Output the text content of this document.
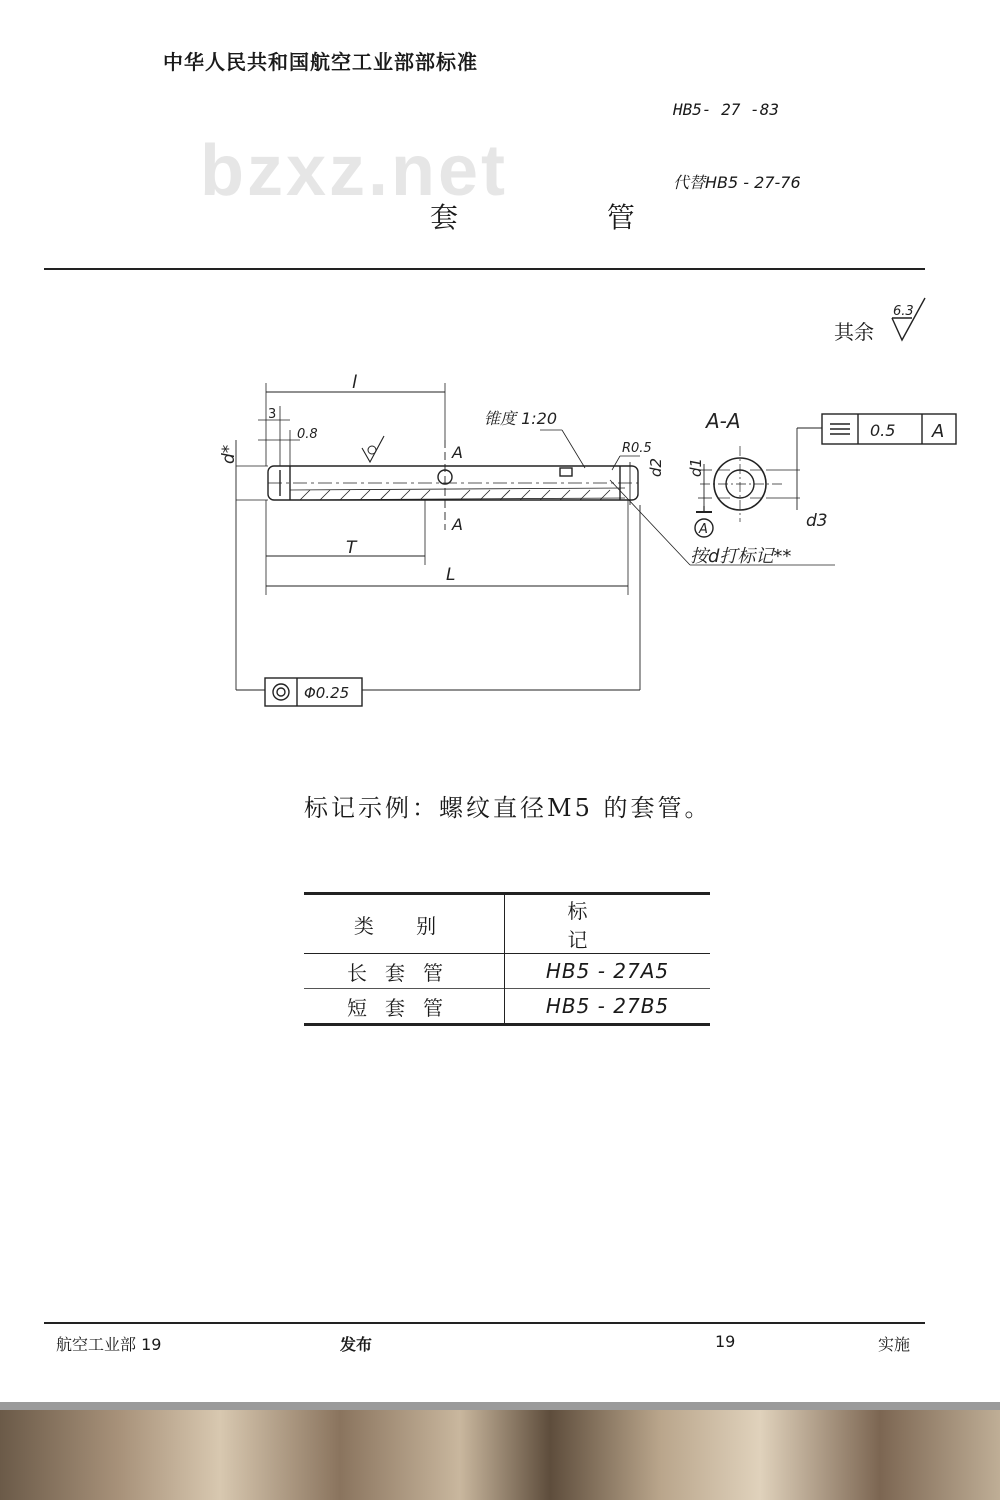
bzxz.net
中华人民共和国航空工业部部标准
HB5- 27 -83
代替HB5 - 27-76
套 管
其余
6.3
l
3
0.8
d*
锥度 1:20
R0.5
A
A
d2
T
L
A-A	0.5 A
d1
d3
A
按d打标记**
Φ0.25
标记示例：螺纹直径M5 的套管。
类 别	标 记
长套管	HB5 - 27A5
短套管	HB5 - 27B5
航空工业部 19	发布	19	实施
